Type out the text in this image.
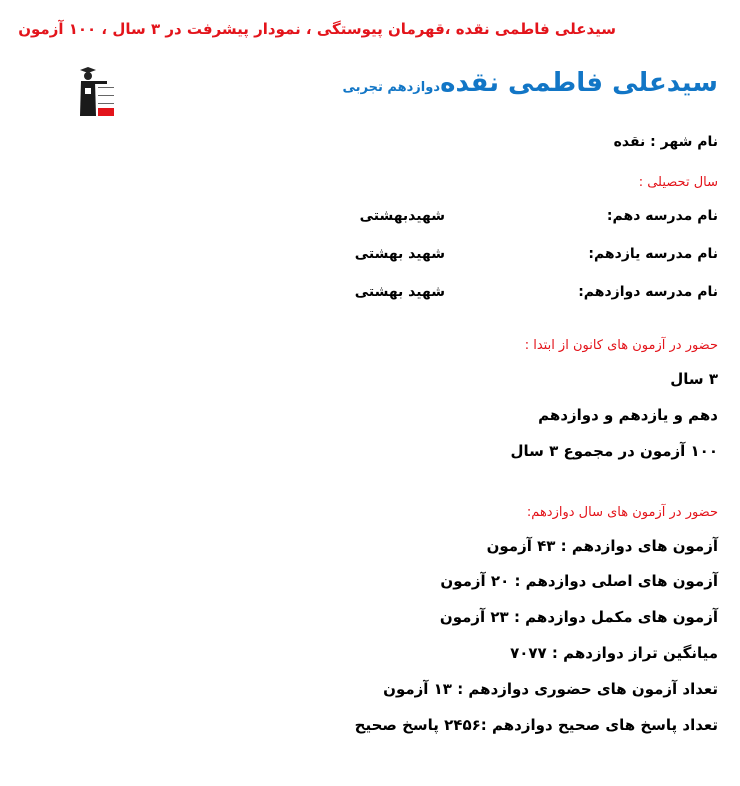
سیدعلی فاطمی نقده ،قهرمان پیوستگی ، نمودار پیشرفت در ۳ سال ، ۱۰۰ آزمون
سیدعلی فاطمی نقده
دوازدهم تجربی
نام شهر : نقده
سال تحصیلی :
نام مدرسه دهم:
شهیدبهشتی
نام مدرسه یازدهم:
شهید بهشتی
نام مدرسه دوازدهم:
شهید بهشتی
حضور در آزمون های کانون از ابتدا :
۳ سال
دهم و یازدهم و دوازدهم
۱۰۰ آزمون در مجموع ۳ سال
حضور در آزمون های سال دوازدهم:
آزمون های دوازدهم : ۴۳ آزمون
آزمون های اصلی دوازدهم : ۲۰ آزمون
آزمون های مکمل دوازدهم : ۲۳ آزمون
میانگین تراز دوازدهم : ۷۰۷۷
تعداد آزمون های حضوری دوازدهم : ۱۳ آزمون
تعداد پاسخ های صحیح دوازدهم :۲۴۵۶ پاسخ صحیح
